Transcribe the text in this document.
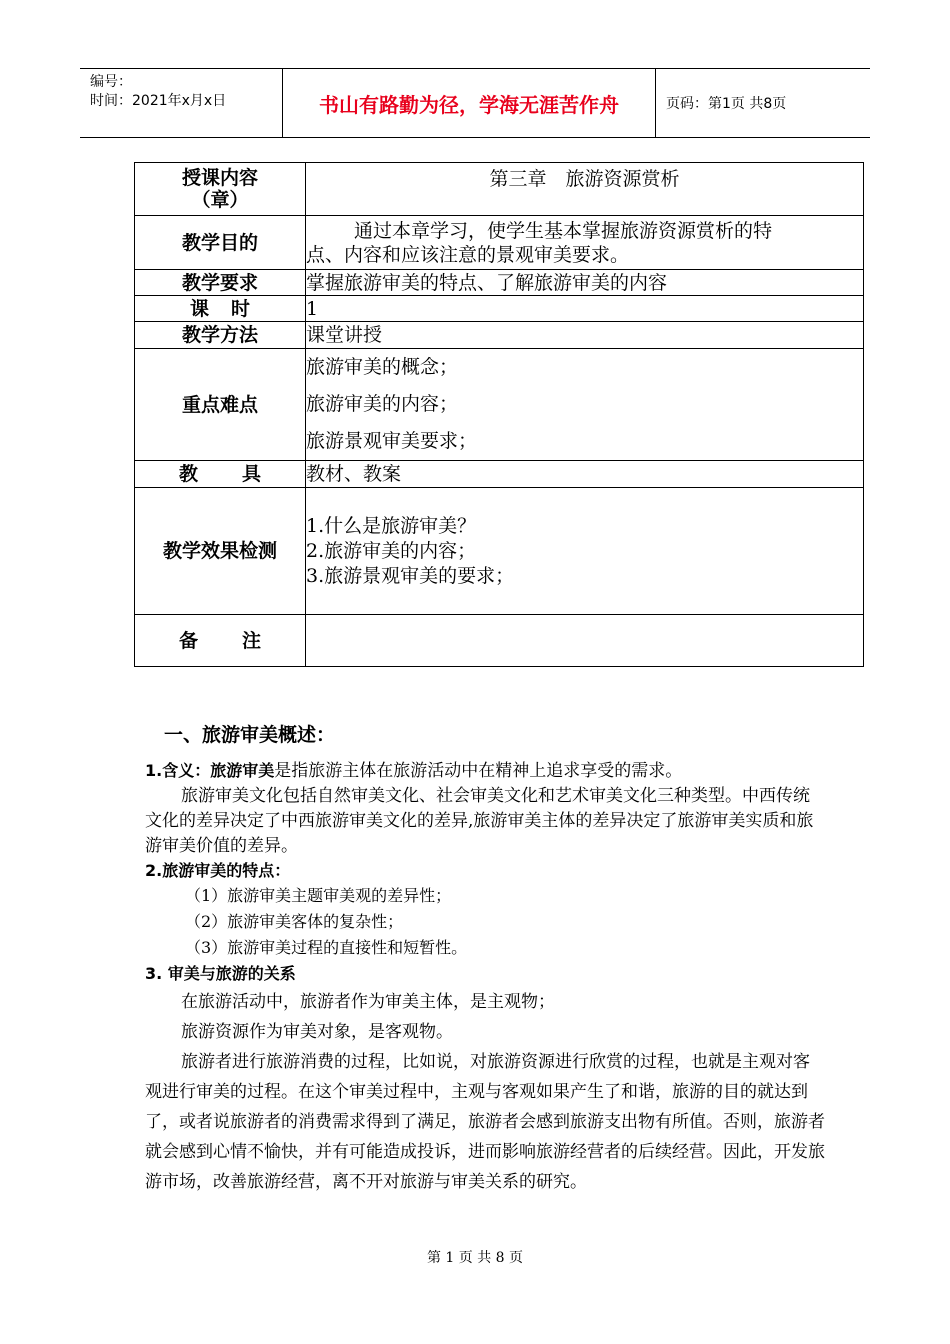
编号：
时间：2021年x月x日	书山有路勤为径，学海无涯苦作舟	页码：第1页 共8页
授课内容
（章）	第三章　旅游资源赏析
教学目的	通过本章学习，使学生基本掌握旅游资源赏析的特
点、内容和应该注意的景观审美要求。

教学要求	掌握旅游审美的特点、了解旅游审美的内容
课时	1
教学方法	课堂讲授
重点难点	旅游审美的概念；
旅游审美的内容；
旅游景观审美要求；

教具	教材、教案
教学效果检测	1.什么是旅游审美？
2.旅游审美的内容；
3.旅游景观审美的要求；

备注	
一、旅游审美概述：

1.含义：旅游审美是指旅游主体在旅游活动中在精神上追求享受的需求。

旅游审美文化包括自然审美文化、社会审美文化和艺术审美文化三种类型。中西传统文化的差异决定了中西旅游审美文化的差异,旅游审美主体的差异决定了旅游审美实质和旅游审美价值的差异。

2.旅游审美的特点：

（1）旅游审美主题审美观的差异性；

（2）旅游审美客体的复杂性；

（3）旅游审美过程的直接性和短暂性。

3. 审美与旅游的关系

在旅游活动中，旅游者作为审美主体，是主观物；

旅游资源作为审美对象，是客观物。

旅游者进行旅游消费的过程，比如说，对旅游资源进行欣赏的过程，也就是主观对客观进行审美的过程。在这个审美过程中，主观与客观如果产生了和谐，旅游的目的就达到了，或者说旅游者的消费需求得到了满足，旅游者会感到旅游支出物有所值。否则，旅游者就会感到心情不愉快，并有可能造成投诉，进而影响旅游经营者的后续经营。因此，开发旅游市场，改善旅游经营，离不开对旅游与审美关系的研究。

第 1 页 共 8 页
